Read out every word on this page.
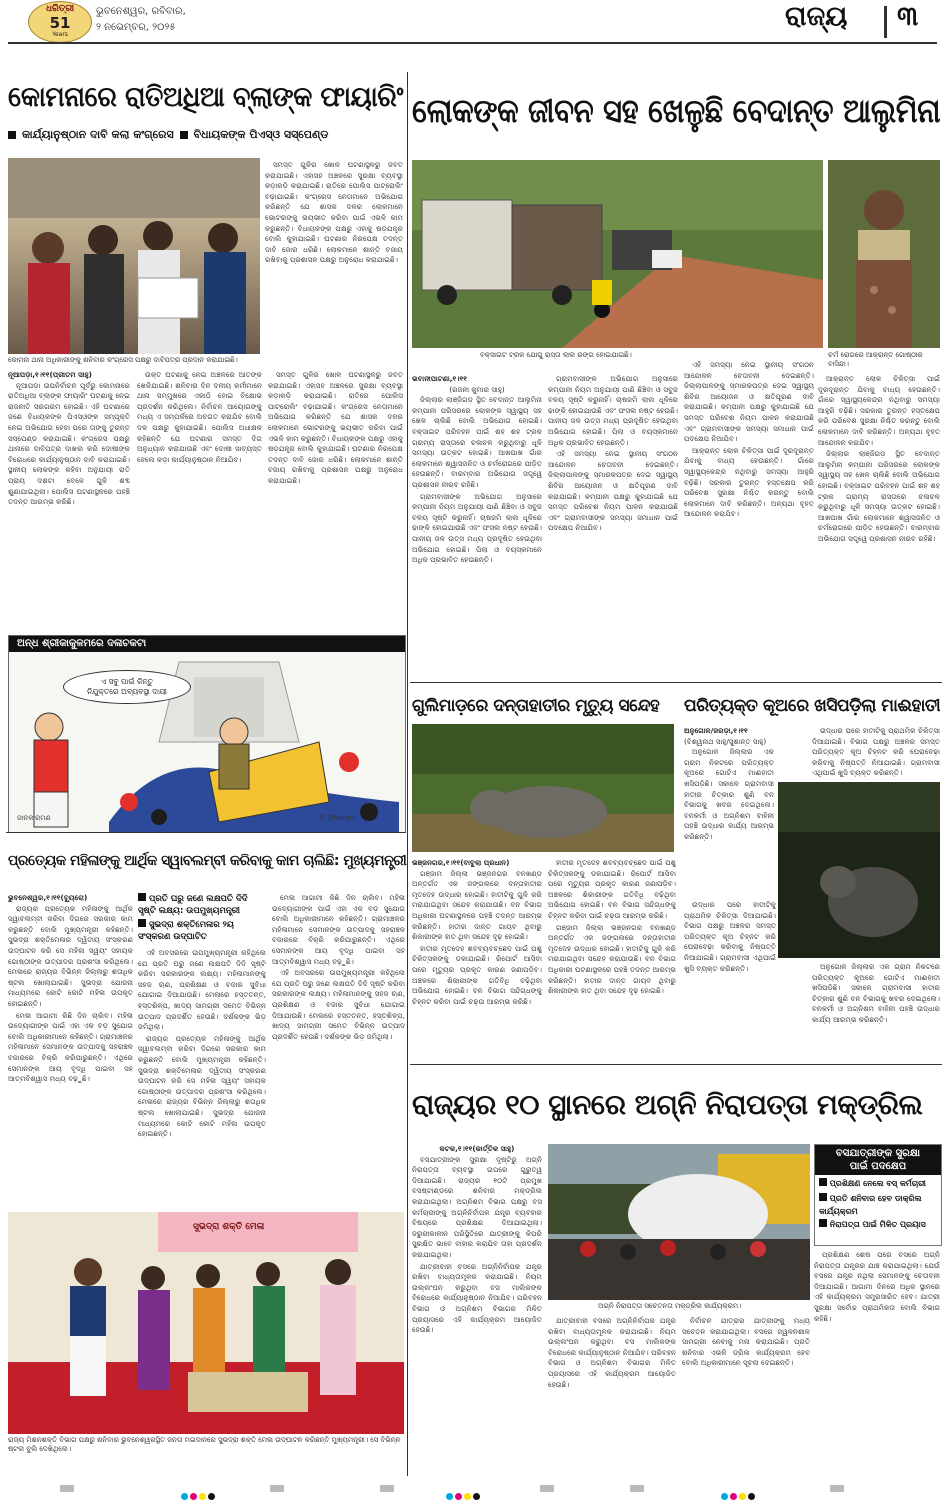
ଧରିତ୍ରୀ
51
Years
ଭୁବନେଶ୍ୱର, ରବିବାର,
୨ ନଭେମ୍ବର, ୨୦୨୫	ରାଜ୍ୟ ୩
କୋମନାରେ ରାତିଅଧିଆ ବ୍ଲାଙ୍କ ଫାୟାରିଂ
କାର୍ଯ୍ୟାନୁଷ୍ଠାନ ଦାବି କଲା କଂଗ୍ରେସ ବିଧାୟକଙ୍କ ପିଏସ୍‌ଓ ସସ୍‌ପେଣ୍ଡ
କୋମନା ଥାନା ଅଧିକାରୀଙ୍କୁ ଶନିବାର କଂଗ୍ରେସ ପକ୍ଷରୁ ଦାବିପତ୍ର ପ୍ରଦାନ କରାଯାଇଛି।

ସମସ୍ତ ଗୁଳିର ଖୋଳ ଘଟଣାସ୍ଥଳରୁ ଜବତ କରାଯାଇଛି। ଏହାସହ ଅଞ୍ଚଳରେ ସୁରକ୍ଷା ବ୍ୟବସ୍ଥା କଡ଼ାକଡ଼ି କରାଯାଇଛି। ରାତିରେ ପୋଲିସ ପାଟ୍ରୋଲିଂ ବଢ଼ାଯାଇଛି। କଂଗ୍ରେସ ନେତାମାନେ ଅଭିଯୋଗ କରିଛନ୍ତି ଯେ ଶାସକ ଦଳର ଲୋକମାନେ ଭୋଟରଙ୍କୁ ଭୟଭୀତ କରିବା ପାଇଁ ଏଭଳି କାମ କରୁଛନ୍ତି। ବିଧାୟକଙ୍କ ପକ୍ଷରୁ ଏହାକୁ ଷଡ଼ଯନ୍ତ୍ର ବୋଲି କୁହାଯାଇଛି। ଘଟଣାର ନିରପେକ୍ଷ ତଦନ୍ତ ଦାବି ଜୋର ଧରିଛି। ଲୋକମାନେ ଶାନ୍ତି ବଜାୟ ରଖିବାକୁ ପ୍ରଶାସନ ପକ୍ଷରୁ ଅନୁରୋଧ କରାଯାଇଛି।

ନୂଆପଡ଼ା,୧।୧୧(ପ୍ରୀତମ ସାହୁ)

ନୂଆପଡ଼ା ଉପନିର୍ବାଚନ ପୂର୍ବରୁ କୋମନାରେ ରାତିଅଧିଆ ବ୍ଲାଙ୍କ ଫାୟାରିଂ ଘଟଣାକୁ ନେଇ ରାଜନୀତି ସରଗରମ ହୋଇଛି। ଏହି ଘଟଣାରେ ଜଣେ ବିଧାୟକଙ୍କ ପିଏସ୍‌ଓଙ୍କ ସମ୍ପୃକ୍ତି ନେଇ ଅଭିଯୋଗ ହେବା ପରେ ତାଙ୍କୁ ତୁରନ୍ତ ସସ୍‌ପେଣ୍ଡ କରାଯାଇଛି। କଂଗ୍ରେସ ପକ୍ଷରୁ ଥାନାରେ ଦାବିପତ୍ର ଦାଖଲ କରି ଦୋଷୀଙ୍କ ବିରୋଧରେ କାର୍ଯ୍ୟାନୁଷ୍ଠାନ ଦାବି କରାଯାଇଛି। ସ୍ଥାନୀୟ ଲୋକଙ୍କ କହିବା ଅନୁଯାୟୀ ରାତି ପ୍ରାୟ ଦଶଟା ବେଳେ ଗୁଳି ଶବ୍ଦ ଶୁଣାଯାଇଥିଲା। ପୋଲିସ ଘଟଣାସ୍ଥଳରେ ପହଞ୍ଚି ତଦନ୍ତ ଆରମ୍ଭ କରିଛି।

ଉକ୍ତ ଘଟଣାକୁ ନେଇ ଅଞ୍ଚଳରେ ଆତଙ୍କ ଖେଳିଯାଇଛି। ଶନିବାର ଦିନ ଦଳୀୟ କର୍ମୀମାନେ ଥାନା ସମ୍ମୁଖରେ ଏକାଠି ହୋଇ ବିକ୍ଷୋଭ ପ୍ରଦର୍ଶନ କରିଥିଲେ। ନିର୍ବାଚନ ଆୟୋଗଙ୍କୁ ମଧ୍ୟ ଏ ସମ୍ପର୍କରେ ଅବଗତ କରାଯିବ ବୋଲି ଦଳ ପକ୍ଷରୁ କୁହାଯାଇଛି। ପୋଲିସ ଅଧୀକ୍ଷକ କହିଛନ୍ତି ଯେ ଘଟଣାର ସମସ୍ତ ଦିଗ ଅନୁଧ୍ୟାନ କରାଯାଉଛି ଏବଂ ଦୋଷୀ ସାବ୍ୟସ୍ତ ହେଲେ କଡ଼ା କାର୍ଯ୍ୟାନୁଷ୍ଠାନ ନିଆଯିବ।

ସମସ୍ତ ଗୁଳିର ଖୋଳ ଘଟଣାସ୍ଥଳରୁ ଜବତ କରାଯାଇଛି। ଏହାସହ ଅଞ୍ଚଳରେ ସୁରକ୍ଷା ବ୍ୟବସ୍ଥା କଡ଼ାକଡ଼ି କରାଯାଇଛି। ରାତିରେ ପୋଲିସ ପାଟ୍ରୋଲିଂ ବଢ଼ାଯାଇଛି। କଂଗ୍ରେସ ନେତାମାନେ ଅଭିଯୋଗ କରିଛନ୍ତି ଯେ ଶାସକ ଦଳର ଲୋକମାନେ ଭୋଟରଙ୍କୁ ଭୟଭୀତ କରିବା ପାଇଁ ଏଭଳି କାମ କରୁଛନ୍ତି। ବିଧାୟକଙ୍କ ପକ୍ଷରୁ ଏହାକୁ ଷଡ଼ଯନ୍ତ୍ର ବୋଲି କୁହାଯାଇଛି। ଘଟଣାର ନିରପେକ୍ଷ ତଦନ୍ତ ଦାବି ଜୋର ଧରିଛି। ଲୋକମାନେ ଶାନ୍ତି ବଜାୟ ରଖିବାକୁ ପ୍ରଶାସନ ପକ୍ଷରୁ ଅନୁରୋଧ କରାଯାଇଛି।

ଅନ୍ଧ ଶ୍ରୀକାକୁଳମରେ ଦଳାଚକଟା
ଏ ସବୁ ପାଇଁ କିନ୍ତୁ
ନିଯୁକ୍ତରେ ଅବ୍ୟବସ୍ଥା ଦାୟୀ
ଜାନକୀରମଣ	© Dharitri
ଲୋକଙ୍କ ଜୀବନ ସହ ଖେଳୁଛି ବେଦାନ୍ତ ଆଲୁମିନା
ବକ୍ସାଇଟ ଟ୍ରକ ଯୋଗୁ ରାସ୍ତା ଲାଲ ରଙ୍ଗ ହୋଇଯାଇଛି।	ଚର୍ମ ରୋଗରେ ଆକ୍ରାନ୍ତ ଗୋଷ୍ଠୀର ବାସିନ୍ଦା।
ଭବାନୀପାଟଣା,୧।୧୧
(ରଜନୀ କୁମାର ସାହୁ)

ଜିଲ୍ଲାର ଲାଞ୍ଜିଗଡ଼ ସ୍ଥିତ ବେଦାନ୍ତ ଆଲୁମିନା କମ୍ପାନୀ ପରିସରରେ ଲୋକଙ୍କ ସ୍ୱାସ୍ଥ୍ୟ ସହ ଖେଳ ଚାଲିଛି ବୋଲି ଅଭିଯୋଗ ହୋଇଛି। ବକ୍ସାଇଟ ପରିବହନ ପାଇଁ ଶହ ଶହ ଟ୍ରକ ଗ୍ରାମ୍ୟ ରାସ୍ତାରେ ଚଳାଚଳ କରୁଥିବାରୁ ଧୂଳି ସମସ୍ୟା ଉତ୍କଟ ହୋଇଛି। ଆଖପାଖ ଗାଁର ଲୋକମାନେ ଶ୍ୱାସଜନିତ ଓ ଚର୍ମରୋଗରେ ପୀଡ଼ିତ ହେଉଛନ୍ତି। ବାରମ୍ବାର ଅଭିଯୋଗ ସତ୍ତ୍ୱେ ପ୍ରଶାସନ ନୀରବ ରହିଛି।

ଗ୍ରାମବାସୀଙ୍କ ଅଭିଯୋଗ ଅନୁସାରେ କମ୍ପାନୀ ନିୟମ ଅନୁଯାୟୀ ପାଣି ଛିଞ୍ଚିବା ଓ ସବୁଜ ବଳୟ ସୃଷ୍ଟି କରୁନାହିଁ। ଚାଷଜମି ଲାଲ ଧୂଳିରେ ଢାଙ୍କି ହୋଇଯାଉଛି ଏବଂ ଫସଲ ନଷ୍ଟ ହେଉଛି। ପାନୀୟ ଜଳ ଉତ୍ସ ମଧ୍ୟ ପ୍ରଦୂଷିତ ହେଉଥିବା ଅଭିଯୋଗ ହୋଇଛି। ପିଲା ଓ ବୟସ୍କମାନେ ଅଧିକ ପ୍ରଭାବିତ ହେଉଛନ୍ତି।

ଗ୍ରାମବାସୀଙ୍କ ଅଭିଯୋଗ ଅନୁସାରେ କମ୍ପାନୀ ନିୟମ ଅନୁଯାୟୀ ପାଣି ଛିଞ୍ଚିବା ଓ ସବୁଜ ବଳୟ ସୃଷ୍ଟି କରୁନାହିଁ। ଚାଷଜମି ଲାଲ ଧୂଳିରେ ଢାଙ୍କି ହୋଇଯାଉଛି ଏବଂ ଫସଲ ନଷ୍ଟ ହେଉଛି। ପାନୀୟ ଜଳ ଉତ୍ସ ମଧ୍ୟ ପ୍ରଦୂଷିତ ହେଉଥିବା ଅଭିଯୋଗ ହୋଇଛି। ପିଲା ଓ ବୟସ୍କମାନେ ଅଧିକ ପ୍ରଭାବିତ ହେଉଛନ୍ତି।

ଏହି ସମସ୍ୟା ନେଇ ସ୍ଥାନୀୟ ସଂଗଠନ ଆନ୍ଦୋଳନ ଚେତାବନୀ ଦେଇଛନ୍ତି। ଜିଲ୍ଲାପାଳଙ୍କୁ ସ୍ମାରକପତ୍ର ଦେଇ ସ୍ୱାସ୍ଥ୍ୟ ଶିବିର ଆୟୋଜନ ଓ କ୍ଷତିପୂରଣ ଦାବି କରାଯାଇଛି। କମ୍ପାନୀ ପକ୍ଷରୁ କୁହାଯାଇଛି ଯେ ସମସ୍ତ ପରିବେଶ ନିୟମ ପାଳନ କରାଯାଉଛି ଏବଂ ଗ୍ରାମବାସୀଙ୍କ ସମସ୍ୟା ସମାଧାନ ପାଇଁ ପଦକ୍ଷେପ ନିଆଯିବ।

ଏହି ସମସ୍ୟା ନେଇ ସ୍ଥାନୀୟ ସଂଗଠନ ଆନ୍ଦୋଳନ ଚେତାବନୀ ଦେଇଛନ୍ତି। ଜିଲ୍ଲାପାଳଙ୍କୁ ସ୍ମାରକପତ୍ର ଦେଇ ସ୍ୱାସ୍ଥ୍ୟ ଶିବିର ଆୟୋଜନ ଓ କ୍ଷତିପୂରଣ ଦାବି କରାଯାଇଛି। କମ୍ପାନୀ ପକ୍ଷରୁ କୁହାଯାଇଛି ଯେ ସମସ୍ତ ପରିବେଶ ନିୟମ ପାଳନ କରାଯାଉଛି ଏବଂ ଗ୍ରାମବାସୀଙ୍କ ସମସ୍ୟା ସମାଧାନ ପାଇଁ ପଦକ୍ଷେପ ନିଆଯିବ।

ଆକ୍ରାନ୍ତ ଲୋକ ଚିକିତ୍ସା ପାଇଁ ଦୂରଦୂରାନ୍ତ ଯିବାକୁ ବାଧ୍ୟ ହେଉଛନ୍ତି। ଗାଁରେ ସ୍ୱାସ୍ଥ୍ୟକେନ୍ଦ୍ର ନଥିବାରୁ ସମସ୍ୟା ଆହୁରି ବଢ଼ିଛି। ସରକାର ତୁରନ୍ତ ହସ୍ତକ୍ଷେପ କରି ପରିବେଶ ସୁରକ୍ଷା ନିଶ୍ଚିତ କରନ୍ତୁ ବୋଲି ଲୋକମାନେ ଦାବି କରିଛନ୍ତି। ଅନ୍ୟଥା ବୃହତ୍ ଆନ୍ଦୋଳନ କରାଯିବ।

ଆକ୍ରାନ୍ତ ଲୋକ ଚିକିତ୍ସା ପାଇଁ ଦୂରଦୂରାନ୍ତ ଯିବାକୁ ବାଧ୍ୟ ହେଉଛନ୍ତି। ଗାଁରେ ସ୍ୱାସ୍ଥ୍ୟକେନ୍ଦ୍ର ନଥିବାରୁ ସମସ୍ୟା ଆହୁରି ବଢ଼ିଛି। ସରକାର ତୁରନ୍ତ ହସ୍ତକ୍ଷେପ କରି ପରିବେଶ ସୁରକ୍ଷା ନିଶ୍ଚିତ କରନ୍ତୁ ବୋଲି ଲୋକମାନେ ଦାବି କରିଛନ୍ତି। ଅନ୍ୟଥା ବୃହତ୍ ଆନ୍ଦୋଳନ କରାଯିବ।

ଜିଲ୍ଲାର ଲାଞ୍ଜିଗଡ଼ ସ୍ଥିତ ବେଦାନ୍ତ ଆଲୁମିନା କମ୍ପାନୀ ପରିସରରେ ଲୋକଙ୍କ ସ୍ୱାସ୍ଥ୍ୟ ସହ ଖେଳ ଚାଲିଛି ବୋଲି ଅଭିଯୋଗ ହୋଇଛି। ବକ୍ସାଇଟ ପରିବହନ ପାଇଁ ଶହ ଶହ ଟ୍ରକ ଗ୍ରାମ୍ୟ ରାସ୍ତାରେ ଚଳାଚଳ କରୁଥିବାରୁ ଧୂଳି ସମସ୍ୟା ଉତ୍କଟ ହୋଇଛି। ଆଖପାଖ ଗାଁର ଲୋକମାନେ ଶ୍ୱାସଜନିତ ଓ ଚର୍ମରୋଗରେ ପୀଡ଼ିତ ହେଉଛନ୍ତି। ବାରମ୍ବାର ଅଭିଯୋଗ ସତ୍ତ୍ୱେ ପ୍ରଶାସନ ନୀରବ ରହିଛି।

ଗୁଲିମାଡ଼ରେ ଦନ୍ତାହାତୀର ମୃତ୍ୟୁ ସନ୍ଦେହ	ପରିତ୍ୟକ୍ତ କୂଅରେ ଖସିପଡ଼ିଲା ମାଈହାତୀ
ଅନୁଗୋଳ/ଜରଡ଼ା,୧।୧୧
(ବିଶ୍ୱନାଥ ସାହୁ/ସୁଶାନ୍ତ ସାହୁ)

ଅନୁଗୋଳ ଜିଲ୍ଲାର ଏକ ଗ୍ରାମ ନିକଟରେ ପରିତ୍ୟକ୍ତ କୂଅରେ ଗୋଟିଏ ମାଈହାତୀ ଖସିପଡ଼ିଛି। ସକାଳେ ଗ୍ରାମବାସୀ ହାତୀର ଚିତ୍କାର ଶୁଣି ବନ ବିଭାଗକୁ ଖବର ଦେଇଥିଲେ। ବନକର୍ମୀ ଓ ଅଗ୍ନିଶମ ବାହିନୀ ପହଞ୍ଚି ଉଦ୍ଧାର କାର୍ଯ୍ୟ ଆରମ୍ଭ କରିଛନ୍ତି।

ଉଦ୍ଧାର ପରେ ହାତୀଟିକୁ ପ୍ରାଥମିକ ଚିକିତ୍ସା ଦିଆଯାଇଛି। ବିଭାଗ ପକ୍ଷରୁ ଅଞ୍ଚଳର ସମସ୍ତ ପରିତ୍ୟକ୍ତ କୂଅ ଚିହ୍ନଟ କରି ଘେରାବେଢ଼ା କରିବାକୁ ନିଷ୍ପତ୍ତି ନିଆଯାଇଛି। ଗ୍ରାମବାସୀ ଏଥିପାଇଁ ଖୁସି ବ୍ୟକ୍ତ କରିଛନ୍ତି।

ଭଞ୍ଜନଗର,୧।୧୧(ବାବୁଲା ପ୍ରଧାନ)

ଗଞ୍ଜାମ ଜିଲ୍ଲା ଭଞ୍ଜନଗର ବନଖଣ୍ଡ ଅନ୍ତର୍ଗତ ଏକ ଜଙ୍ଗଲରେ ଦନ୍ତାହାତୀର ମୃତଦେହ ଉଦ୍ଧାର ହୋଇଛି। ହାତୀଟିକୁ ଗୁଳି କରି ମରାଯାଇଥିବା ସନ୍ଦେହ କରାଯାଉଛି। ବନ ବିଭାଗ ଅଧିକାରୀ ଘଟଣାସ୍ଥଳରେ ପହଞ୍ଚି ତଦନ୍ତ ଆରମ୍ଭ କରିଛନ୍ତି। ହାତୀର ଦାନ୍ତ ଗାୟବ ଥିବାରୁ ଶିକାରୀଙ୍କ ହାତ ଥିବା ସନ୍ଦେହ ଦୃଢ଼ ହୋଇଛି।

ହାତୀର ମୃତଦେହ ଶବବ୍ୟବଚ୍ଛେଦ ପାଇଁ ପଶୁ ଚିକିତ୍ସକଙ୍କୁ ଡକାଯାଇଛି। ରିପୋର୍ଟ ଆସିବା ପରେ ମୃତ୍ୟୁର ପ୍ରକୃତ କାରଣ ଜଣାପଡ଼ିବ। ଅଞ୍ଚଳରେ ଶିକାରୀଙ୍କ ଗତିବିଧି ବଢ଼ିଥିବା ଅଭିଯୋଗ ହୋଇଛି। ବନ ବିଭାଗ ସନ୍ଦିଗ୍ଧଙ୍କୁ ଚିହ୍ନଟ କରିବା ପାଇଁ ଚଢ଼ଉ ଆରମ୍ଭ କରିଛି।

ହାତୀର ମୃତଦେହ ଶବବ୍ୟବଚ୍ଛେଦ ପାଇଁ ପଶୁ ଚିକିତ୍ସକଙ୍କୁ ଡକାଯାଇଛି। ରିପୋର୍ଟ ଆସିବା ପରେ ମୃତ୍ୟୁର ପ୍ରକୃତ କାରଣ ଜଣାପଡ଼ିବ। ଅଞ୍ଚଳରେ ଶିକାରୀଙ୍କ ଗତିବିଧି ବଢ଼ିଥିବା ଅଭିଯୋଗ ହୋଇଛି। ବନ ବିଭାଗ ସନ୍ଦିଗ୍ଧଙ୍କୁ ଚିହ୍ନଟ କରିବା ପାଇଁ ଚଢ଼ଉ ଆରମ୍ଭ କରିଛି।

ଗଞ୍ଜାମ ଜିଲ୍ଲା ଭଞ୍ଜନଗର ବନଖଣ୍ଡ ଅନ୍ତର୍ଗତ ଏକ ଜଙ୍ଗଲରେ ଦନ୍ତାହାତୀର ମୃତଦେହ ଉଦ୍ଧାର ହୋଇଛି। ହାତୀଟିକୁ ଗୁଳି କରି ମରାଯାଇଥିବା ସନ୍ଦେହ କରାଯାଉଛି। ବନ ବିଭାଗ ଅଧିକାରୀ ଘଟଣାସ୍ଥଳରେ ପହଞ୍ଚି ତଦନ୍ତ ଆରମ୍ଭ କରିଛନ୍ତି। ହାତୀର ଦାନ୍ତ ଗାୟବ ଥିବାରୁ ଶିକାରୀଙ୍କ ହାତ ଥିବା ସନ୍ଦେହ ଦୃଢ଼ ହୋଇଛି।

ଉଦ୍ଧାର ପରେ ହାତୀଟିକୁ ପ୍ରାଥମିକ ଚିକିତ୍ସା ଦିଆଯାଇଛି। ବିଭାଗ ପକ୍ଷରୁ ଅଞ୍ଚଳର ସମସ୍ତ ପରିତ୍ୟକ୍ତ କୂଅ ଚିହ୍ନଟ କରି ଘେରାବେଢ଼ା କରିବାକୁ ନିଷ୍ପତ୍ତି ନିଆଯାଇଛି। ଗ୍ରାମବାସୀ ଏଥିପାଇଁ ଖୁସି ବ୍ୟକ୍ତ କରିଛନ୍ତି।	ଅନୁଗୋଳ ଜିଲ୍ଲାର ଏକ ଗ୍ରାମ ନିକଟରେ ପରିତ୍ୟକ୍ତ କୂଅରେ ଗୋଟିଏ ମାଈହାତୀ ଖସିପଡ଼ିଛି। ସକାଳେ ଗ୍ରାମବାସୀ ହାତୀର ଚିତ୍କାର ଶୁଣି ବନ ବିଭାଗକୁ ଖବର ଦେଇଥିଲେ। ବନକର୍ମୀ ଓ ଅଗ୍ନିଶମ ବାହିନୀ ପହଞ୍ଚି ଉଦ୍ଧାର କାର୍ଯ୍ୟ ଆରମ୍ଭ କରିଛନ୍ତି।

ପ୍ରତ୍ୟେକ ମହିଳାଙ୍କୁ ଆର୍ଥିକ ସ୍ୱାବଲମ୍ବୀ କରିବାକୁ କାମ ଚାଲିଛି: ମୁଖ୍ୟମନ୍ତ୍ରୀ
ଭୁବନେଶ୍ୱର,୧।୧୧(ବ୍ୟୁରୋ)

ରାଜ୍ୟର ପ୍ରତ୍ୟେକ ମହିଳାଙ୍କୁ ଆର୍ଥିକ ସ୍ୱାବଲମ୍ବୀ କରିବା ଦିଗରେ ସରକାର କାମ କରୁଛନ୍ତି ବୋଲି ମୁଖ୍ୟମନ୍ତ୍ରୀ କହିଛନ୍ତି। ସୁଭଦ୍ରା ଶକ୍ତିମେଳାର ଦ୍ୱିତୀୟ ସଂସ୍କରଣ ଉଦ୍‌ଘାଟନ କରି ସେ ମହିଳା ସ୍ୱୟଂ ସହାୟକ ଗୋଷ୍ଠୀଙ୍କ ଉତ୍ପାଦର ପ୍ରଶଂସା କରିଥିଲେ। ମେଳାରେ ରାଜ୍ୟର ବିଭିନ୍ନ ଜିଲ୍ଲାରୁ ଶତାଧିକ ଷ୍ଟଲ ଖୋଲାଯାଇଛି। ସୁଭଦ୍ରା ଯୋଜନା ମାଧ୍ୟମରେ କୋଟି କୋଟି ମହିଳା ଉପକୃତ ହୋଇଛନ୍ତି।

ମେଳା ଆଗାମୀ କିଛି ଦିନ ଚାଲିବ। ମହିଳା ଉଦ୍ୟୋଗୀଙ୍କ ପାଇଁ ଏହା ଏକ ବଡ଼ ସୁଯୋଗ ବୋଲି ଅଧିକାରୀମାନେ କହିଛନ୍ତି। ଗ୍ରାମାଞ୍ଚଳର ମହିଳାମାନେ ସେମାନଙ୍କ ଉତ୍ପାଦକୁ ସହରାଞ୍ଚଳ ବଜାରରେ ବିକ୍ରି କରିପାରୁଛନ୍ତି। ଏଥିରେ ସେମାନଙ୍କ ଆୟ ବୃଦ୍ଧି ପାଇବା ସହ ଆତ୍ମବିଶ୍ୱାସ ମଧ୍ୟ ବଢ଼ୁଛି।

ପ୍ରତି ଘରୁ ଜଣେ ଲକ୍ଷପତି ଦିଦି ସୃଷ୍ଟି ଲକ୍ଷ୍ୟ: ଉପମୁଖ୍ୟମନ୍ତ୍ରୀ
ସୁଭଦ୍ରା ଶକ୍ତିମେଳାର ୨ୟ ସଂସ୍କରଣ ଉଦ୍‌ଘାଟିତ

ଏହି ଅବସରରେ ଉପମୁଖ୍ୟମନ୍ତ୍ରୀ କହିଥିଲେ ଯେ ପ୍ରତି ଘରୁ ଜଣେ ଲକ୍ଷପତି ଦିଦି ସୃଷ୍ଟି କରିବା ସରକାରଙ୍କ ଲକ୍ଷ୍ୟ। ମହିଳାମାନଙ୍କୁ ସହଜ ଋଣ, ପ୍ରଶିକ୍ଷଣ ଓ ବଜାର ସୁବିଧା ଯୋଗାଇ ଦିଆଯାଉଛି। ମେଳାରେ ହସ୍ତତନ୍ତ, ହସ୍ତଶିଳ୍ପ, ଖାଦ୍ୟ ସାମଗ୍ରୀ ସମେତ ବିଭିନ୍ନ ଉତ୍ପାଦ ପ୍ରଦର୍ଶିତ ହେଉଛି। ଦର୍ଶକଙ୍କ ଭିଡ଼ ଜମିଥିଲା।

ରାଜ୍ୟର ପ୍ରତ୍ୟେକ ମହିଳାଙ୍କୁ ଆର୍ଥିକ ସ୍ୱାବଲମ୍ବୀ କରିବା ଦିଗରେ ସରକାର କାମ କରୁଛନ୍ତି ବୋଲି ମୁଖ୍ୟମନ୍ତ୍ରୀ କହିଛନ୍ତି। ସୁଭଦ୍ରା ଶକ୍ତିମେଳାର ଦ୍ୱିତୀୟ ସଂସ୍କରଣ ଉଦ୍‌ଘାଟନ କରି ସେ ମହିଳା ସ୍ୱୟଂ ସହାୟକ ଗୋଷ୍ଠୀଙ୍କ ଉତ୍ପାଦର ପ୍ରଶଂସା କରିଥିଲେ। ମେଳାରେ ରାଜ୍ୟର ବିଭିନ୍ନ ଜିଲ୍ଲାରୁ ଶତାଧିକ ଷ୍ଟଲ ଖୋଲାଯାଇଛି। ସୁଭଦ୍ରା ଯୋଜନା ମାଧ୍ୟମରେ କୋଟି କୋଟି ମହିଳା ଉପକୃତ ହୋଇଛନ୍ତି।

ମେଳା ଆଗାମୀ କିଛି ଦିନ ଚାଲିବ। ମହିଳା ଉଦ୍ୟୋଗୀଙ୍କ ପାଇଁ ଏହା ଏକ ବଡ଼ ସୁଯୋଗ ବୋଲି ଅଧିକାରୀମାନେ କହିଛନ୍ତି। ଗ୍ରାମାଞ୍ଚଳର ମହିଳାମାନେ ସେମାନଙ୍କ ଉତ୍ପାଦକୁ ସହରାଞ୍ଚଳ ବଜାରରେ ବିକ୍ରି କରିପାରୁଛନ୍ତି। ଏଥିରେ ସେମାନଙ୍କ ଆୟ ବୃଦ୍ଧି ପାଇବା ସହ ଆତ୍ମବିଶ୍ୱାସ ମଧ୍ୟ ବଢ଼ୁଛି।

ଏହି ଅବସରରେ ଉପମୁଖ୍ୟମନ୍ତ୍ରୀ କହିଥିଲେ ଯେ ପ୍ରତି ଘରୁ ଜଣେ ଲକ୍ଷପତି ଦିଦି ସୃଷ୍ଟି କରିବା ସରକାରଙ୍କ ଲକ୍ଷ୍ୟ। ମହିଳାମାନଙ୍କୁ ସହଜ ଋଣ, ପ୍ରଶିକ୍ଷଣ ଓ ବଜାର ସୁବିଧା ଯୋଗାଇ ଦିଆଯାଉଛି। ମେଳାରେ ହସ୍ତତନ୍ତ, ହସ୍ତଶିଳ୍ପ, ଖାଦ୍ୟ ସାମଗ୍ରୀ ସମେତ ବିଭିନ୍ନ ଉତ୍ପାଦ ପ୍ରଦର୍ଶିତ ହେଉଛି। ଦର୍ଶକଙ୍କ ଭିଡ଼ ଜମିଥିଲା।

ସୁଭଦ୍ରା ଶକ୍ତି ମେଳା
ରାଜ୍ୟ ମିଶନଶକ୍ତି ବିଭାଗ ପକ୍ଷରୁ ଶନିବାର ଭୁବନେଶ୍ୱରସ୍ଥିତ ଜନତା ମଇଦାନରେ ସୁଭଦ୍ରା ଶକ୍ତି ମେଳା ଉଦ୍‌ଘାଟନ କରିଛନ୍ତି ମୁଖ୍ୟମନ୍ତ୍ରୀ। ସେ ବିଭିନ୍ନ ଷ୍ଟଲ ବୁଲି ଦେଖିଥିଲେ।
ରାଜ୍ୟର ୧୦ ସ୍ଥାନରେ ଅଗ୍ନି ନିରାପତ୍ତା ମକ୍‌ଡ୍ରିଲ
କଟକ,୧।୧୧(କାର୍ତ୍ତିକ ସାହୁ)

ବସଯାତ୍ରୀଙ୍କ ସୁରକ୍ଷା ଦୃଷ୍ଟିରୁ ଅଗ୍ନି ନିରାପତ୍ତା ବ୍ୟବସ୍ଥା ଉପରେ ଗୁରୁତ୍ୱ ଦିଆଯାଇଛି। ରାଜ୍ୟର ୧୦ଟି ପ୍ରମୁଖ ବସଷ୍ଟାଣ୍ଡରେ ଶନିବାର ମକ୍‌ଡ୍ରିଲ କରାଯାଇଥିଲା। ଅଗ୍ନିଶମ ବିଭାଗ ପକ୍ଷରୁ ବସ କର୍ମଚାରୀଙ୍କୁ ଅଗ୍ନିନିର୍ବାପକ ଯନ୍ତ୍ର ବ୍ୟବହାର ବିଷୟରେ ପ୍ରଶିକ୍ଷଣ ଦିଆଯାଇଥିଲା। ଜରୁରୀକାଳୀନ ପରିସ୍ଥିତିରେ ଯାତ୍ରୀଙ୍କୁ କିପରି ସୁରକ୍ଷିତ ଭାବେ ବାହାର କରାଯିବ ତାହା ପ୍ରଦର୍ଶନ କରାଯାଇଥିଲା।

ଯାତ୍ରୀବାହୀ ବସରେ ଅଗ୍ନିନିର୍ବାପକ ଯନ୍ତ୍ର ରଖିବା ବାଧ୍ୟତାମୂଳକ କରାଯାଇଛି। ନିୟମ ଉଲ୍ଲଂଘନ କରୁଥିବା ବସ ମାଲିକଙ୍କ ବିରୋଧରେ କାର୍ଯ୍ୟାନୁଷ୍ଠାନ ନିଆଯିବ। ପରିବହନ ବିଭାଗ ଓ ଅଗ୍ନିଶମ ବିଭାଗର ମିଳିତ ପ୍ରୟାସରେ ଏହି କାର୍ଯ୍ୟକ୍ରମ ଆୟୋଜିତ ହେଉଛି।

ଅଗ୍ନି ନିରାପତ୍ତା ସଚେତନତା ମକ୍‌ଡ୍ରିଲ କାର୍ଯ୍ୟକ୍ରମ।
ବସଯାତ୍ରୀଙ୍କ ସୁରକ୍ଷା
ପାଇଁ ପଦକ୍ଷେପ
ପ୍ରଶିକ୍ଷଣ ନେଲେ ବସ୍ କର୍ମଚାରୀ
ପ୍ରତି ଶନିବାର ହେବ ଡାକ୍ରିଲ କାର୍ଯ୍ୟକ୍ରମ
ନିରାପତ୍ତା ପାଇଁ ମିଳିତ ପ୍ରୟାସ

ଯାତ୍ରୀବାହୀ ବସରେ ଅଗ୍ନିନିର୍ବାପକ ଯନ୍ତ୍ର ରଖିବା ବାଧ୍ୟତାମୂଳକ କରାଯାଇଛି। ନିୟମ ଉଲ୍ଲଂଘନ କରୁଥିବା ବସ ମାଲିକଙ୍କ ବିରୋଧରେ କାର୍ଯ୍ୟାନୁଷ୍ଠାନ ନିଆଯିବ। ପରିବହନ ବିଭାଗ ଓ ଅଗ୍ନିଶମ ବିଭାଗର ମିଳିତ ପ୍ରୟାସରେ ଏହି କାର୍ଯ୍ୟକ୍ରମ ଆୟୋଜିତ ହେଉଛି।

ନିର୍ବାଚନ ଯାତ୍ରାର ଯାତ୍ରୀଙ୍କୁ ମଧ୍ୟ ସଚେତନ କରାଯାଇଥିଲା। ବସରେ ଜ୍ୱଳନଶୀଳ ସାମଗ୍ରୀ ନେବାକୁ ମନା କରାଯାଇଛି। ପ୍ରତି ଶନିବାର ଏଭଳି ଡ୍ରିଲ କାର୍ଯ୍ୟକ୍ରମ ହେବ ବୋଲି ଅଧିକାରୀମାନେ ସୂଚନା ଦେଇଛନ୍ତି।

ପ୍ରଶିକ୍ଷଣ ଶେଷ ପରେ ବସରେ ଅଗ୍ନି ନିରାପତ୍ତା ଯନ୍ତ୍ରର ଯାଞ୍ଚ କରାଯାଇଥିଲା। ଯେଉଁ ବସରେ ଯନ୍ତ୍ର ନଥିଲା ସେମାନଙ୍କୁ ଚେତାବନୀ ଦିଆଯାଇଛି। ଆଗାମୀ ଦିନରେ ଅଧିକ ସ୍ଥାନରେ ଏହି କାର୍ଯ୍ୟକ୍ରମ ସମ୍ପ୍ରସାରିତ ହେବ। ଯାତ୍ରୀ ସୁରକ୍ଷା ସର୍ବୋଚ୍ଚ ପ୍ରାଥମିକତା ବୋଲି ବିଭାଗ କହିଛି।
